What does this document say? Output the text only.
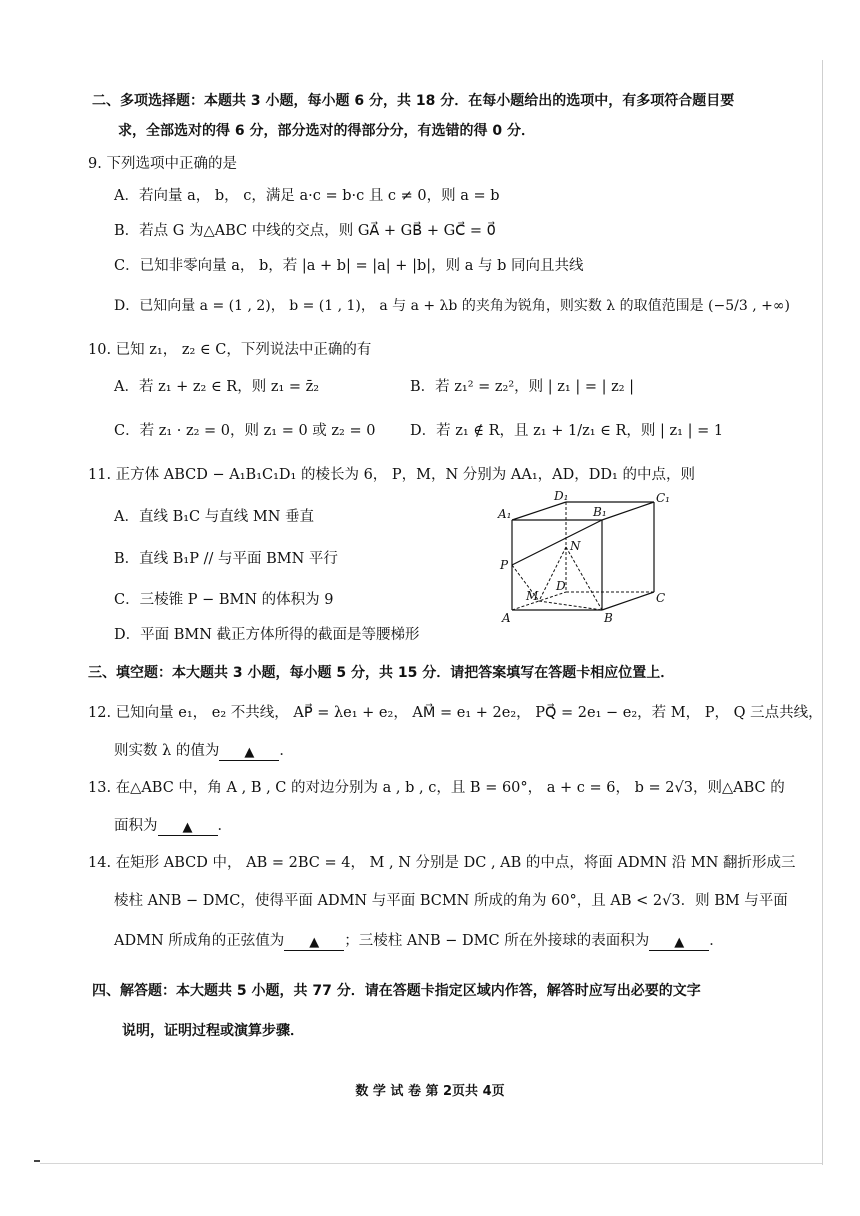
二、多项选择题：本题共 3 小题，每小题 6 分，共 18 分．在每小题给出的选项中，有多项符合题目要
求，全部选对的得 6 分，部分选对的得部分分，有选错的得 0 分．
9. 下列选项中正确的是
A．若向量 a， b， c，满足 a·c = b·c 且 c ≠ 0，则 a = b
B．若点 G 为△ABC 中线的交点，则 GA⃗ + GB⃗ + GC⃗ = 0⃗
C．已知非零向量 a， b，若 |a + b| = |a| + |b|，则 a 与 b 同向且共线
D．已知向量 a = (1 , 2)， b = (1 , 1)， a 与 a + λb 的夹角为锐角，则实数 λ 的取值范围是 (−5/3 , +∞)
10. 已知 z₁， z₂ ∈ C，下列说法中正确的有
A．若 z₁ + z₂ ∈ R，则 z₁ = z̄₂	B．若 z₁² = z₂²，则 | z₁ | = | z₂ |
C．若 z₁ · z₂ = 0，则 z₁ = 0 或 z₂ = 0 D．若 z₁ ∉ R，且 z₁ + 1/z₁ ∈ R，则 | z₁ | = 1
11. 正方体 ABCD − A₁B₁C₁D₁ 的棱长为 6， P，M，N 分别为 AA₁，AD，DD₁ 的中点，则
A．直线 B₁C 与直线 MN 垂直
B．直线 B₁P // 与平面 BMN 平行
C．三棱锥 P − BMN 的体积为 9
D．平面 BMN 截正方体所得的截面是等腰梯形
A₁	B₁
C₁
D₁
A	B
C
D
P
M
N
三、填空题：本大题共 3 小题，每小题 5 分，共 15 分．请把答案填写在答题卡相应位置上．
12. 已知向量 e₁， e₂ 不共线， AP⃗ = λe₁ + e₂， AM⃗ = e₁ + 2e₂， PQ⃗ = 2e₁ − e₂，若 M， P， Q 三点共线，
则实数 λ 的值为 ▲ ．
13. 在△ABC 中，角 A , B , C 的对边分别为 a , b , c，且 B = 60°， a + c = 6， b = 2√3，则△ABC 的
面积为 ▲ ．
14. 在矩形 ABCD 中， AB = 2BC = 4， M , N 分别是 DC , AB 的中点，将面 ADMN 沿 MN 翻折形成三
棱柱 ANB − DMC，使得平面 ADMN 与平面 BCMN 所成的角为 60°，且 AB < 2√3．则 BM 与平面
ADMN 所成角的正弦值为 ▲ ；三棱柱 ANB − DMC 所在外接球的表面积为 ▲ ．
四、解答题：本大题共 5 小题，共 77 分．请在答题卡指定区域内作答，解答时应写出必要的文字
说明，证明过程或演算步骤．
数 学 试 卷 第 2页共 4页
